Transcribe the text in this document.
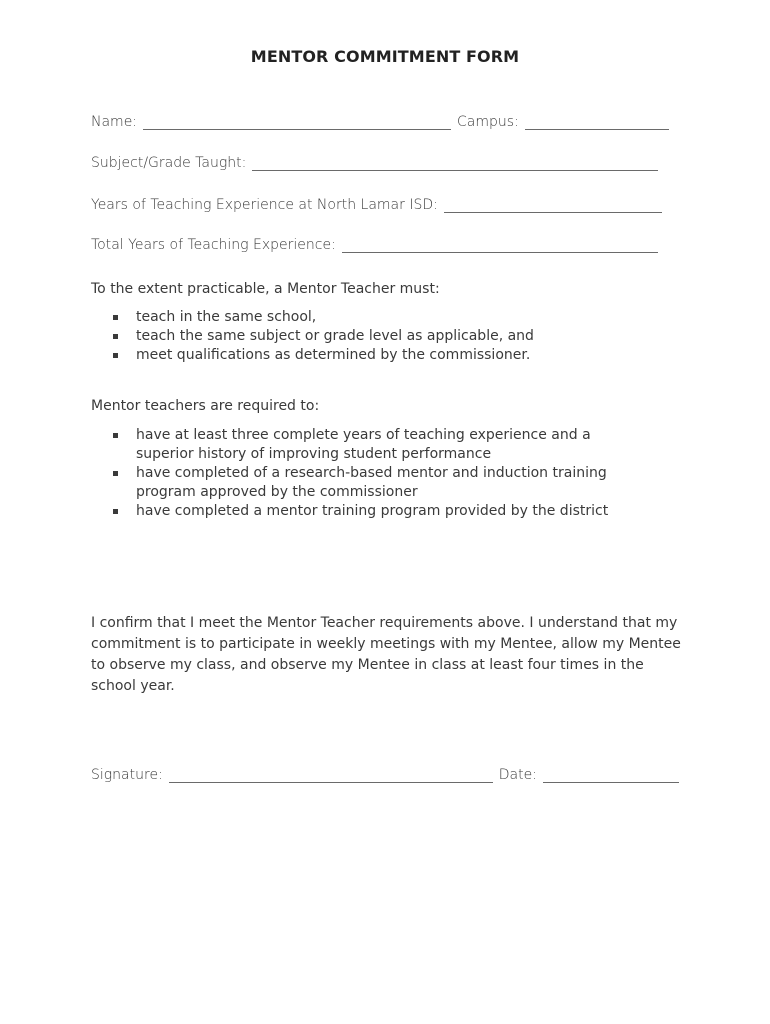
MENTOR COMMITMENT FORM
Name:	Campus:
Subject/Grade Taught:
Years of Teaching Experience at North Lamar ISD:
Total Years of Teaching Experience:

To the extent practicable, a Mentor Teacher must:

teach in the same school,
teach the same subject or grade level as applicable, and
meet qualifications as determined by the commissioner.

Mentor teachers are required to:

have at least three complete years of teaching experience and a superior history of improving student performance
have completed of a research-based mentor and induction training program approved by the commissioner
have completed a mentor training program provided by the district

I confirm that I meet the Mentor Teacher requirements above. I understand that my commitment is to participate in weekly meetings with my Mentee, allow my Mentee to observe my class, and observe my Mentee in class at least four times in the school year.

Signature:	Date:
